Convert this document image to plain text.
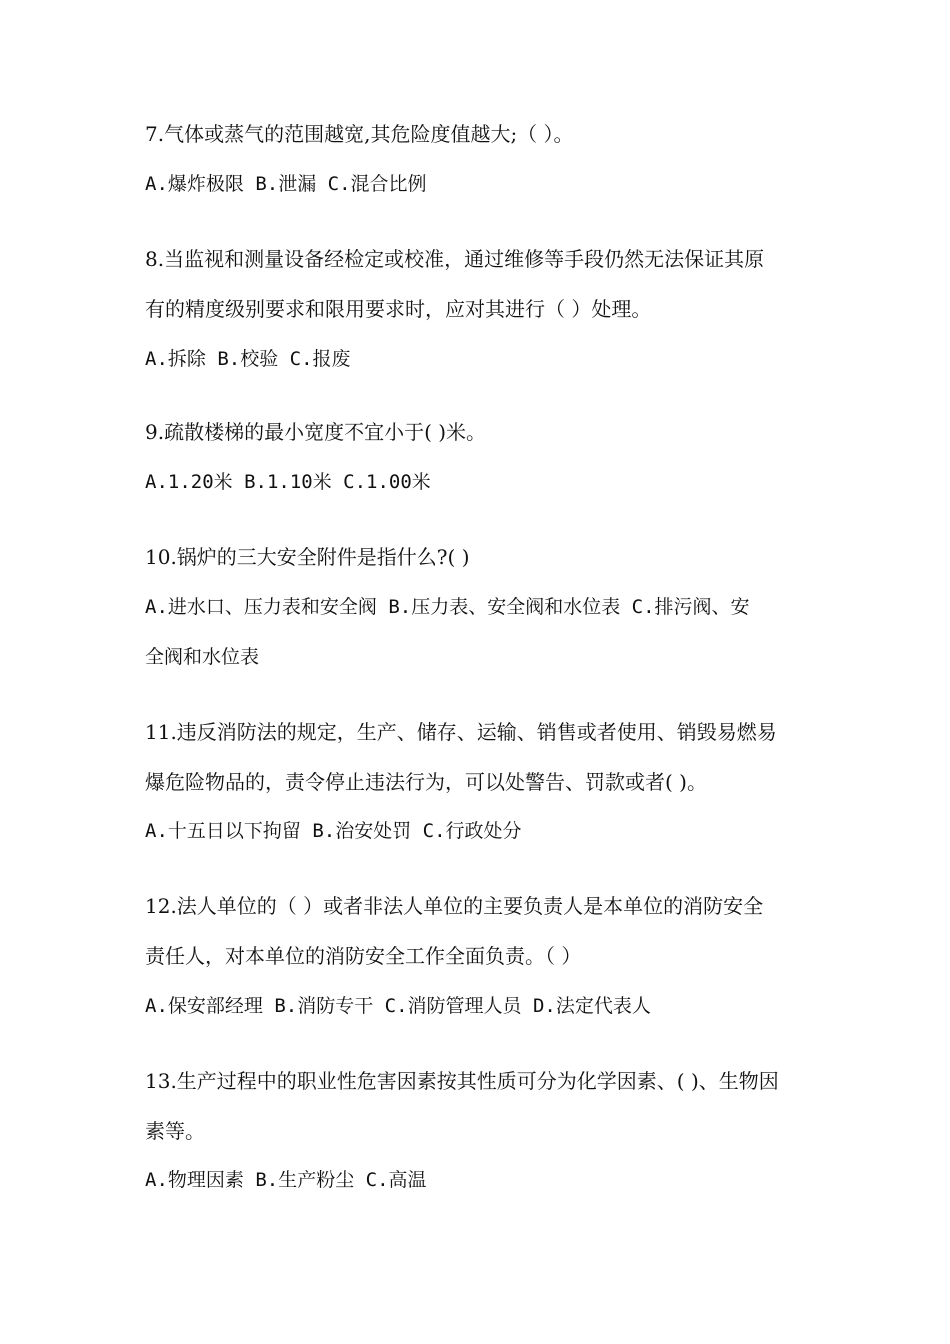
7.气体或蒸气的范围越宽,其危险度值越大;（ ）。
A.爆炸极限 B.泄漏 C.混合比例
8.当监视和测量设备经检定或校准，通过维修等手段仍然无法保证其原
有的精度级别要求和限用要求时，应对其进行（ ）处理。
A.拆除 B.校验 C.报废
9.疏散楼梯的最小宽度不宜小于( )米。
A.1.20米 B.1.10米 C.1.00米
10.锅炉的三大安全附件是指什么?( )
A.进水口、压力表和安全阀 B.压力表、安全阀和水位表 C.排污阀、安
全阀和水位表
11.违反消防法的规定，生产、储存、运输、销售或者使用、销毁易燃易
爆危险物品的，责令停止违法行为，可以处警告、罚款或者( )。
A.十五日以下拘留 B.治安处罚 C.行政处分
12.法人单位的（ ）或者非法人单位的主要负责人是本单位的消防安全
责任人，对本单位的消防安全工作全面负责。（ ）
A.保安部经理 B.消防专干 C.消防管理人员 D.法定代表人
13.生产过程中的职业性危害因素按其性质可分为化学因素、( )、生物因
素等。
A.物理因素 B.生产粉尘 C.高温
